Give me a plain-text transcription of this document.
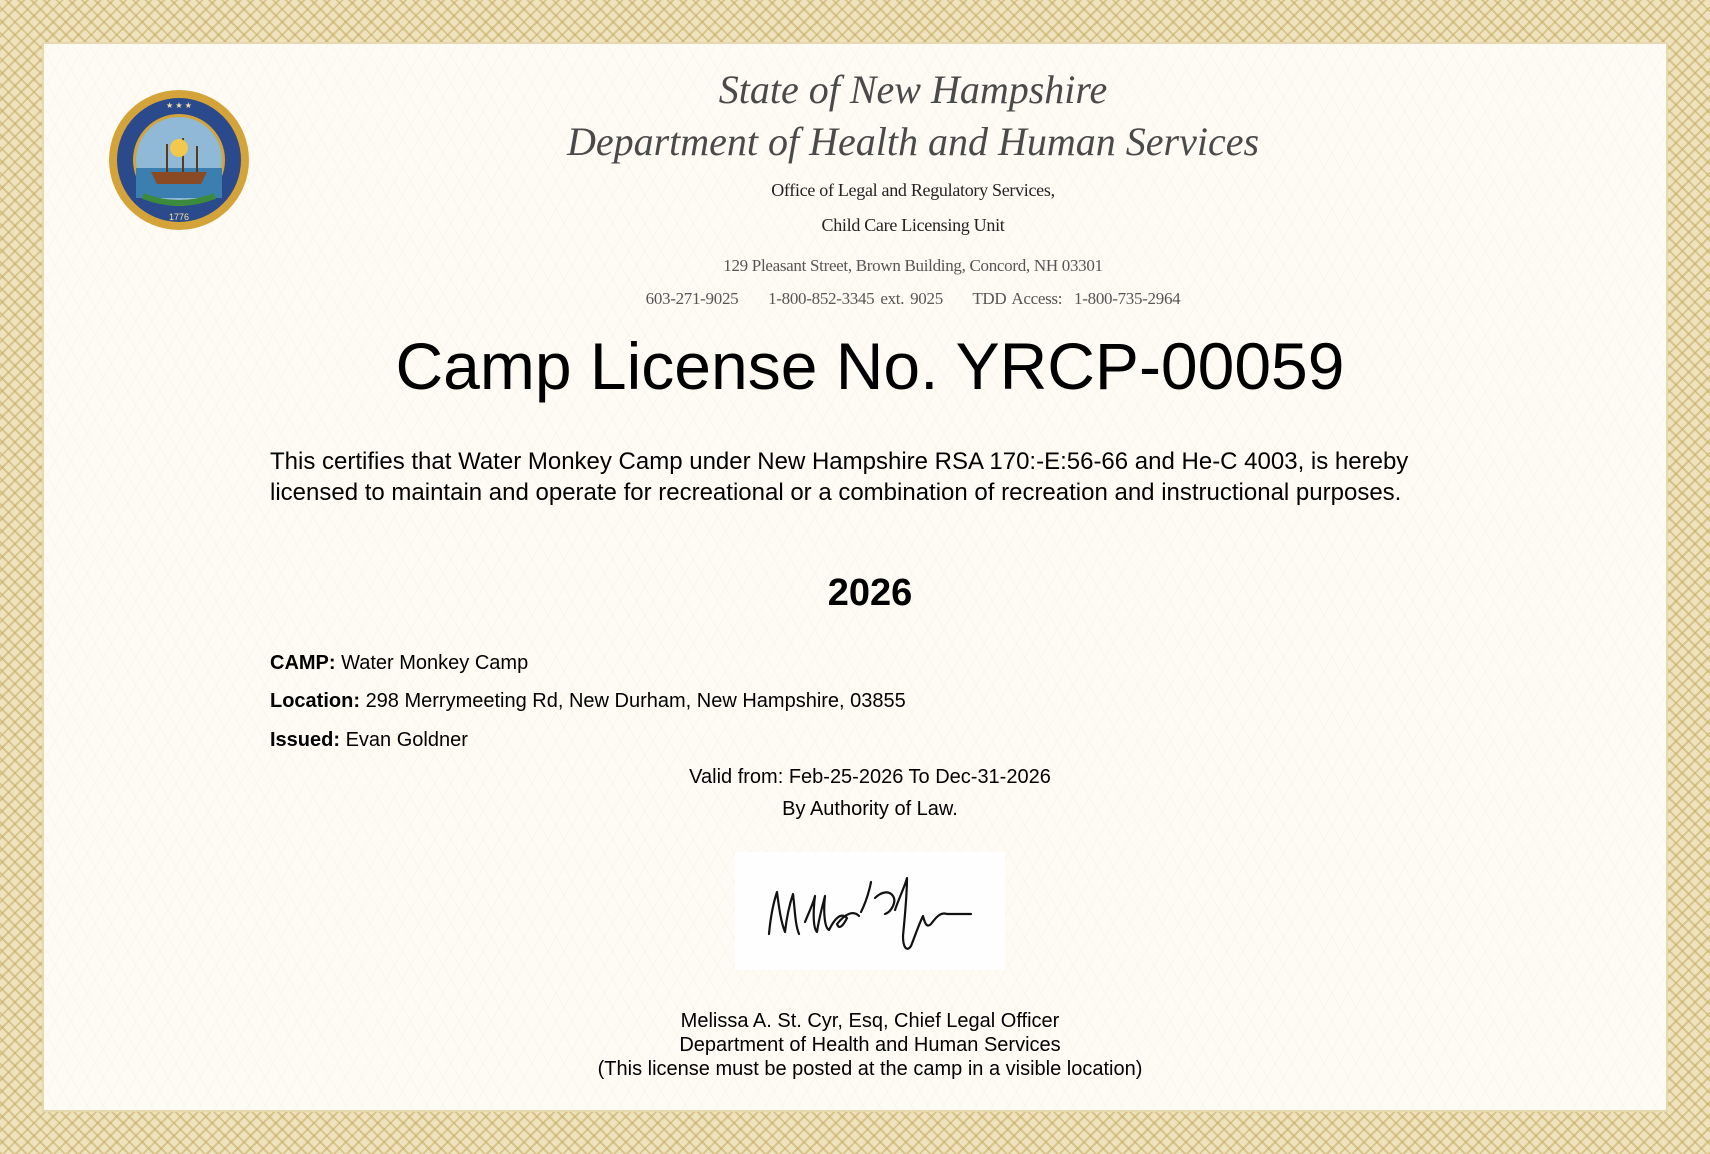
★ ★ ★
1776
State of New Hampshire
Department of Health and Human Services
Office of Legal and Regulatory Services,
Child Care Licensing Unit
129 Pleasant Street, Brown Building, Concord, NH 03301
603-271-9025     1-800-852-3345 ext. 9025     TDD Access:  1-800-735-2964
Camp License No. YRCP-00059
This certifies that Water Monkey Camp under New Hampshire RSA 170:-E:56-66 and He-C 4003, is hereby licensed to maintain and operate for recreational or a combination of recreation and instructional purposes.
2026
CAMP: Water Monkey Camp
Location: 298 Merrymeeting Rd, New Durham, New Hampshire, 03855
Issued: Evan Goldner
Valid from: Feb-25-2026 To Dec-31-2026
By Authority of Law.
Melissa A. St. Cyr, Esq, Chief Legal Officer
Department of Health and Human Services
(This license must be posted at the camp in a visible location)
